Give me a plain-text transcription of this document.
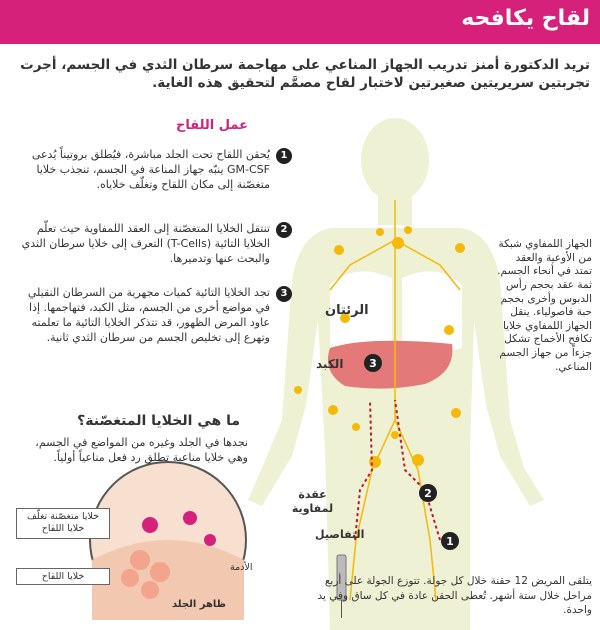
لقاح يكافحه
1
2
3
تريد الدكتورة أمنز تدريب الجهاز المناعي على مهاجمة سرطان الثدي في الجسم، أجرت تجربتين سريريتين صغيرتين لاختبار لقاح مصمَّم لتحقيق هذه الغاية.
عمل اللقاح
1
يُحقن اللقاح تحت الجلد مباشرة، فيُطلق بروتيناً يُدعى GM-CSF ينبّه جهاز المناعة في الجسم، تنجذب خلايا متغصّنة إلى مكان اللقاح وتغلّف خلاياه.
2
تنتقل الخلايا المتغصّنة إلى العقد اللمفاوية حيث تعلّم الخلايا التائية (T-Cells) التعرف إلى خلايا سرطان الثدي والبحث عنها وتدميرها.
3
تجد الخلايا التائية كميات مجهرية من السرطان النقيلي في مواضع أخرى من الجسم، مثل الكبد، فتهاجمها. إذا عاود المرض الظهور، قد تتذكر الخلايا التائية ما تعلمته وتهرع إلى تخليص الجسم من سرطان الثدي ثانية.
ما هي الخلايا المتغصّنة؟
نجدها في الجلد وغيره من المواضع في الجسم، وهي خلايا مناعية تطلق رد فعل مناعياً أولياً.
الجهاز اللمفاوي شبكة من الأوعية والعقد تمتد في أنحاء الجسم. ثمة عقد بحجم رأس الدبوس وأخرى بحجم حبة فاصولياء. ينقل الجهاز اللمفاوي خلايا تكافح الأخماج تشكل جزءاً من جهاز الجسم المناعي.
الرئتان
الكبد
عقدة لمفاوية
التفاصيل
يتلقى المريض 12 حقنة خلال كل جولة. تتوزع الجولة على أربع مراحل خلال ستة أشهر. تُعطى الحقن عادة في كل ساق وفي يد واحدة.
خلايا متغصّنة تغلّف خلايا اللقاح
خلايا اللقاح
الأدمة
ظاهر الجلد
